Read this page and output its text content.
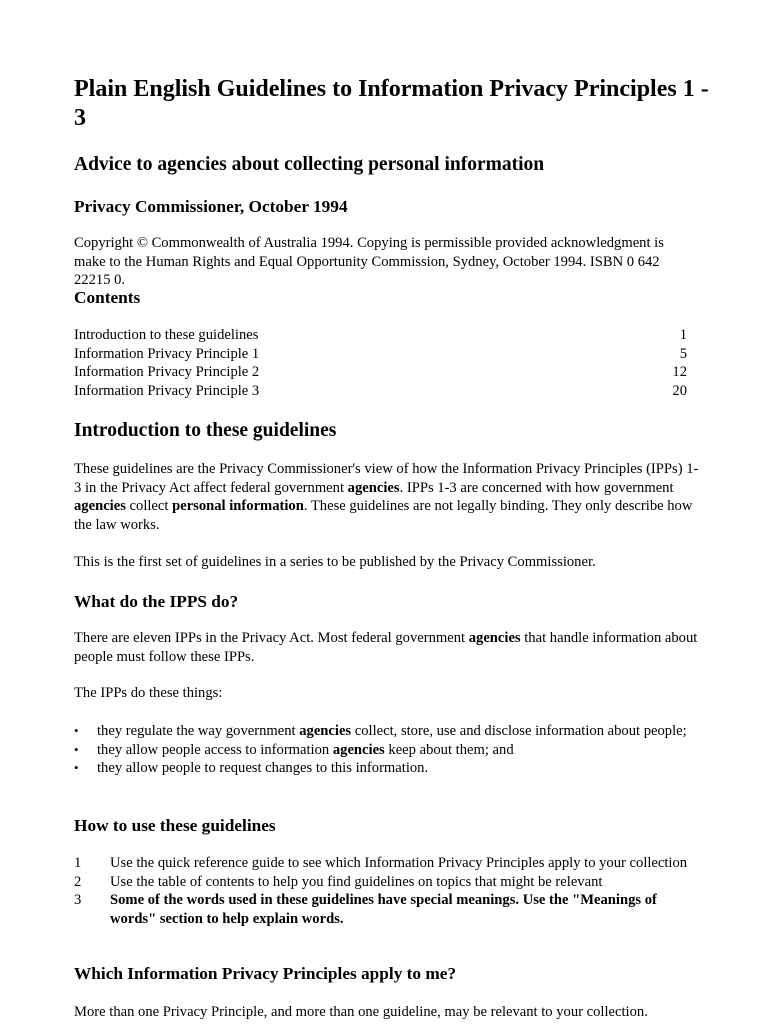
Plain English Guidelines to Information Privacy Principles 1 - 3
Advice to agencies about collecting personal information
Privacy Commissioner, October 1994

Copyright © Commonwealth of Australia 1994. Copying is permissible provided acknowledgment is make to the Human Rights and Equal Opportunity Commission, Sydney, October 1994. ISBN 0 642 22215 0.

Contents
Introduction to these guidelines	1
Information Privacy Principle 1	5
Information Privacy Principle 2	12
Information Privacy Principle 3	20
Introduction to these guidelines

These guidelines are the Privacy Commissioner's view of how the Information Privacy Principles (IPPs) 1-3 in the Privacy Act affect federal government agencies. IPPs 1-3 are concerned with how government agencies collect personal information. These guidelines are not legally binding. They only describe how the law works.

This is the first set of guidelines in a series to be published by the Privacy Commissioner.

What do the IPPS do?

There are eleven IPPs in the Privacy Act. Most federal government agencies that handle information about people must follow these IPPs.

The IPPs do these things:

•	they regulate the way government agencies collect, store, use and disclose information about people;
•	they allow people access to information agencies keep about them; and
•	they allow people to request changes to this information.
How to use these guidelines
1	Use the quick reference guide to see which Information Privacy Principles apply to your collection
2	Use the table of contents to help you find guidelines on topics that might be relevant
3	Some of the words used in these guidelines have special meanings. Use the "Meanings of words" section to help explain words.
Which Information Privacy Principles apply to me?

More than one Privacy Principle, and more than one guideline, may be relevant to your collection.
